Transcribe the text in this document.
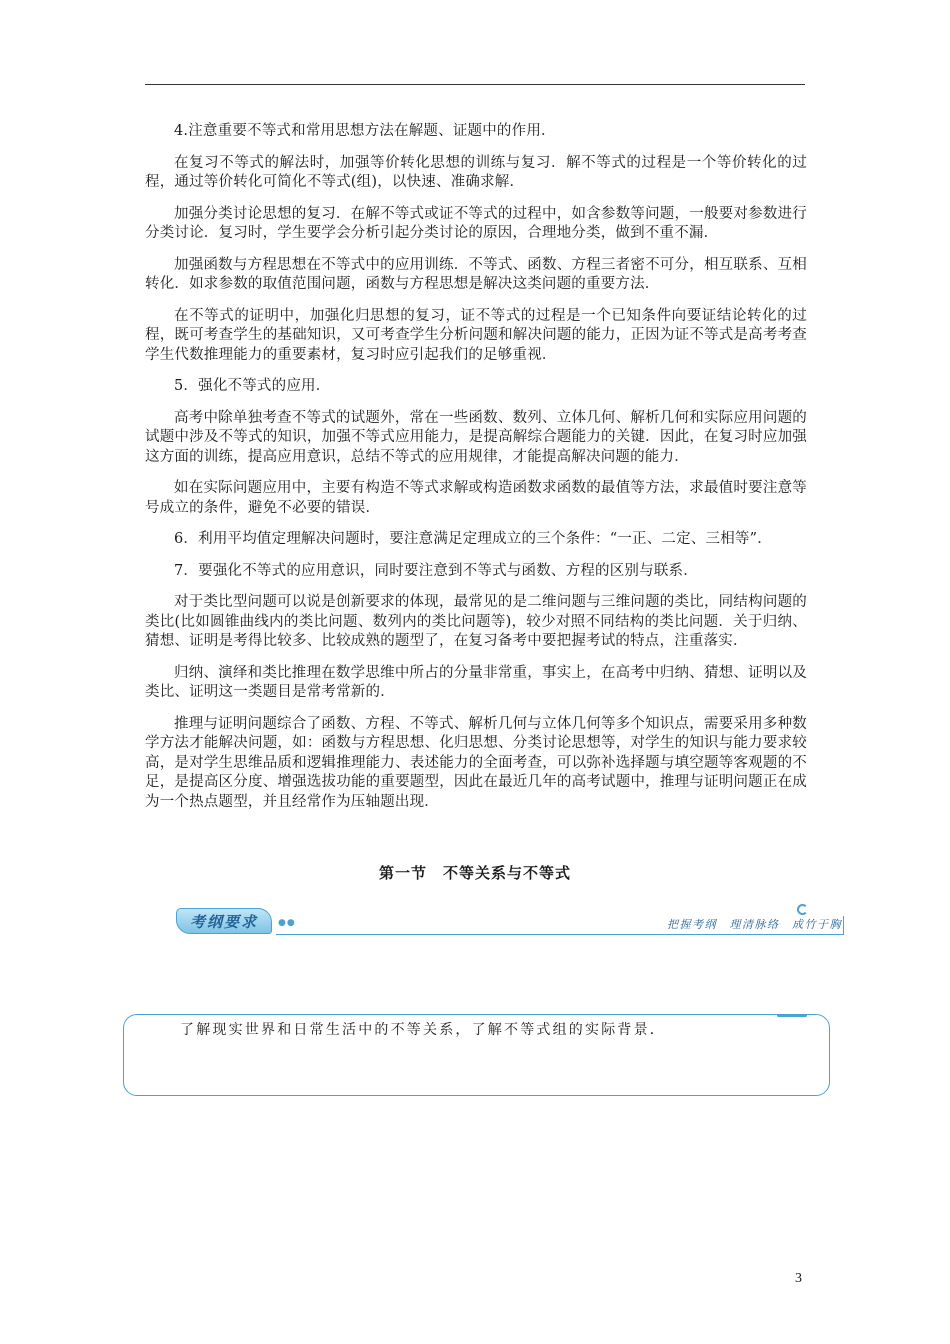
4.注意重要不等式和常用思想方法在解题、证题中的作用．

在复习不等式的解法时，加强等价转化思想的训练与复习．解不等式的过程是一个等价转化的过程，通过等价转化可简化不等式(组)，以快速、准确求解．

加强分类讨论思想的复习．在解不等式或证不等式的过程中，如含参数等问题，一般要对参数进行分类讨论．复习时，学生要学会分析引起分类讨论的原因，合理地分类，做到不重不漏．

加强函数与方程思想在不等式中的应用训练．不等式、函数、方程三者密不可分，相互联系、互相转化．如求参数的取值范围问题，函数与方程思想是解决这类问题的重要方法．

在不等式的证明中，加强化归思想的复习，证不等式的过程是一个已知条件向要证结论转化的过程，既可考查学生的基础知识，又可考查学生分析问题和解决问题的能力，正因为证不等式是高考考查学生代数推理能力的重要素材，复习时应引起我们的足够重视．

5．强化不等式的应用．

高考中除单独考查不等式的试题外，常在一些函数、数列、立体几何、解析几何和实际应用问题的试题中涉及不等式的知识，加强不等式应用能力，是提高解综合题能力的关键．因此，在复习时应加强这方面的训练，提高应用意识，总结不等式的应用规律，才能提高解决问题的能力．

如在实际问题应用中，主要有构造不等式求解或构造函数求函数的最值等方法，求最值时要注意等号成立的条件，避免不必要的错误．

6．利用平均值定理解决问题时，要注意满足定理成立的三个条件：“一正、二定、三相等”．

7．要强化不等式的应用意识，同时要注意到不等式与函数、方程的区别与联系．

对于类比型问题可以说是创新要求的体现，最常见的是二维问题与三维问题的类比，同结构问题的类比(比如圆锥曲线内的类比问题、数列内的类比问题等)，较少对照不同结构的类比问题．关于归纳、猜想、证明是考得比较多、比较成熟的题型了，在复习备考中要把握考试的特点，注重落实．

归纳、演绎和类比推理在数学思维中所占的分量非常重，事实上，在高考中归纳、猜想、证明以及类比、证明这一类题目是常考常新的．

推理与证明问题综合了函数、方程、不等式、解析几何与立体几何等多个知识点，需要采用多种数学方法才能解决问题，如：函数与方程思想、化归思想、分类讨论思想等，对学生的知识与能力要求较高，是对学生思维品质和逻辑推理能力、表述能力的全面考查，可以弥补选择题与填空题等客观题的不足，是提高区分度、增强选拔功能的重要题型，因此在最近几年的高考试题中，推理与证明问题正在成为一个热点题型，并且经常作为压轴题出现．

第一节　不等关系与不等式
考纲要求	●●	把握考纲　理清脉络　成竹于胸
了解现实世界和日常生活中的不等关系，了解不等式组的实际背景．
3
